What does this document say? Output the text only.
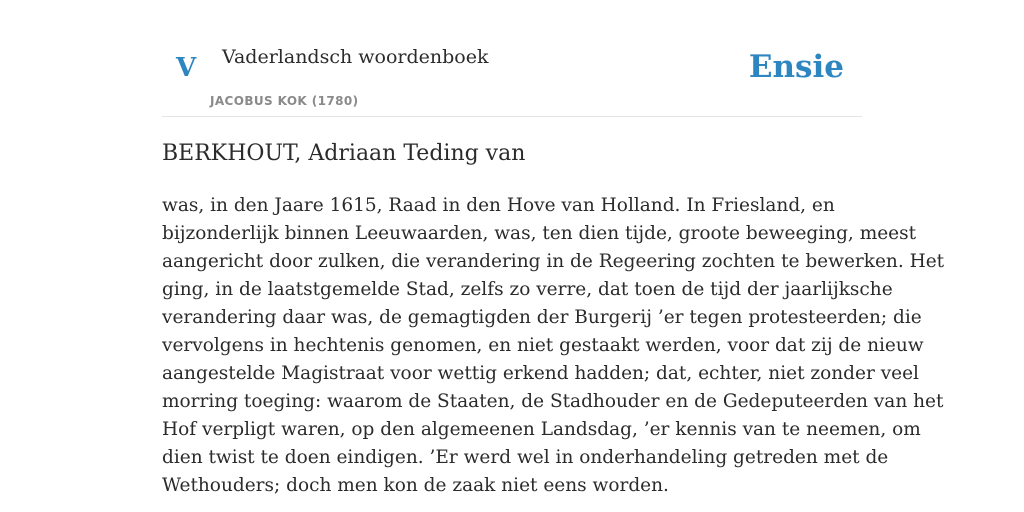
V Vaderlandsch woordenboek
JACOBUS KOK (1780)
Ensie
BERKHOUT, Adriaan Teding van

was, in den Jaare 1615, Raad in den Hove van Holland. In Friesland, en
bijzonderlijk binnen Leeuwaarden, was, ten dien tijde, groote beweeging, meest
aangericht door zulken, die verandering in de Regeering zochten te bewerken. Het
ging, in de laatstgemelde Stad, zelfs zo verre, dat toen de tijd der jaarlijksche
verandering daar was, de gemagtigden der Burgerij ’er tegen protesteerden; die
vervolgens in hechtenis genomen, en niet gestaakt werden, voor dat zij de nieuw
aangestelde Magistraat voor wettig erkend hadden; dat, echter, niet zonder veel
morring toeging: waarom de Staaten, de Stadhouder en de Gedeputeerden van het
Hof verpligt waren, op den algemeenen Landsdag, ’er kennis van te neemen, om
dien twist te doen eindigen. ’Er werd wel in onderhandeling getreden met de
Wethouders; doch men kon de zaak niet eens worden.
